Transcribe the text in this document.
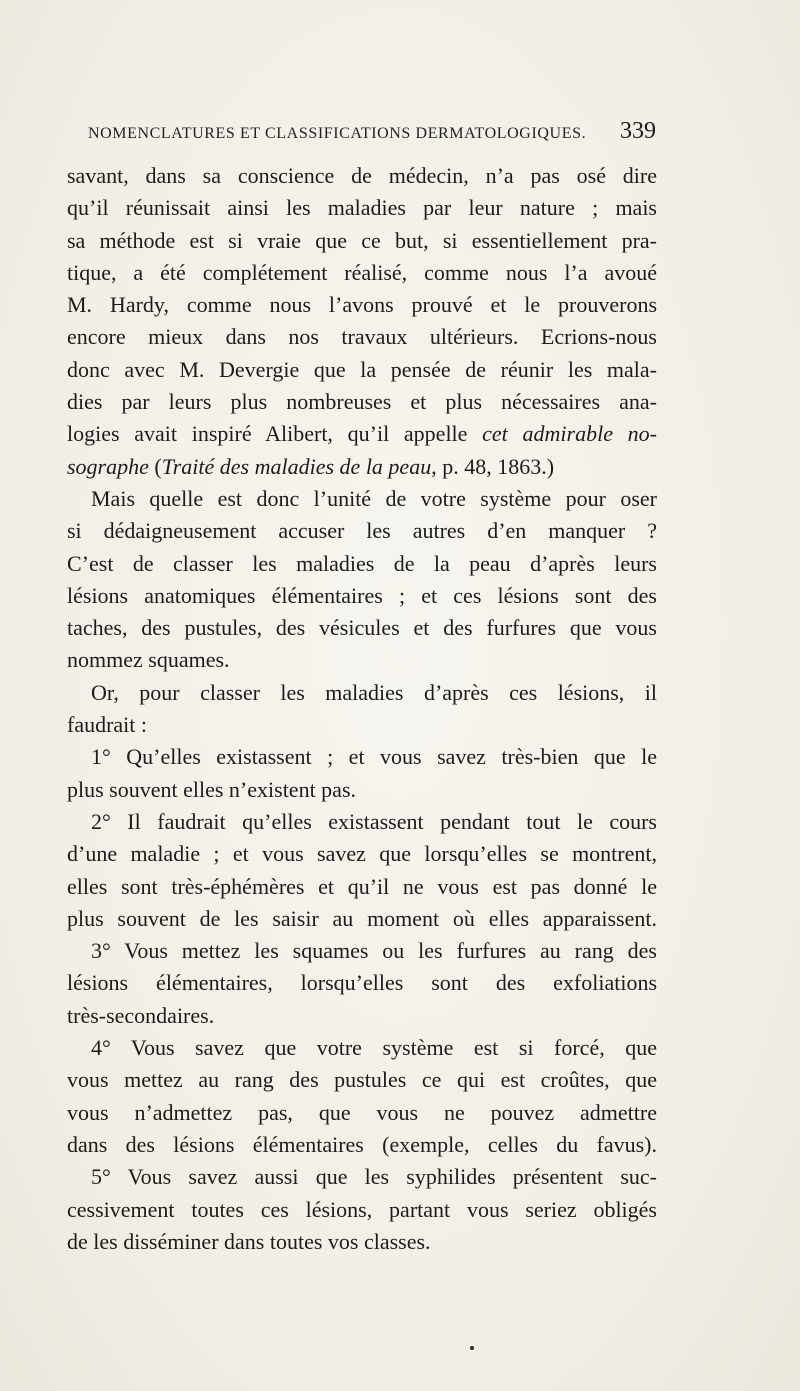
NOMENCLATURES ET CLASSIFICATIONS DERMATOLOGIQUES. 339
savant, dans sa conscience de médecin, n’a pas osé dire
qu’il réunissait ainsi les maladies par leur nature ; mais
sa méthode est si vraie que ce but, si essentiellement pra-
tique, a été complétement réalisé, comme nous l’a avoué
M. Hardy, comme nous l’avons prouvé et le prouverons
encore mieux dans nos travaux ultérieurs. Ecrions-nous
donc avec M. Devergie que la pensée de réunir les mala-
dies par leurs plus nombreuses et plus nécessaires ana-
logies avait inspiré Alibert, qu’il appelle cet admirable no-
sographe (Traité des maladies de la peau, p. 48, 1863.)
Mais quelle est donc l’unité de votre système pour oser
si dédaigneusement accuser les autres d’en manquer ?
C’est de classer les maladies de la peau d’après leurs
lésions anatomiques élémentaires ; et ces lésions sont des
taches, des pustules, des vésicules et des furfures que vous
nommez squames.
Or, pour classer les maladies d’après ces lésions, il
faudrait :
1° Qu’elles existassent ; et vous savez très-bien que le
plus souvent elles n’existent pas.
2° Il faudrait qu’elles existassent pendant tout le cours
d’une maladie ; et vous savez que lorsqu’elles se montrent,
elles sont très-éphémères et qu’il ne vous est pas donné le
plus souvent de les saisir au moment où elles apparaissent.
3° Vous mettez les squames ou les furfures au rang des
lésions élémentaires, lorsqu’elles sont des exfoliations
très-secondaires.
4° Vous savez que votre système est si forcé, que
vous mettez au rang des pustules ce qui est croûtes, que
vous n’admettez pas, que vous ne pouvez admettre
dans des lésions élémentaires (exemple, celles du favus).
5° Vous savez aussi que les syphilides présentent suc-
cessivement toutes ces lésions, partant vous seriez obligés
de les disséminer dans toutes vos classes.
